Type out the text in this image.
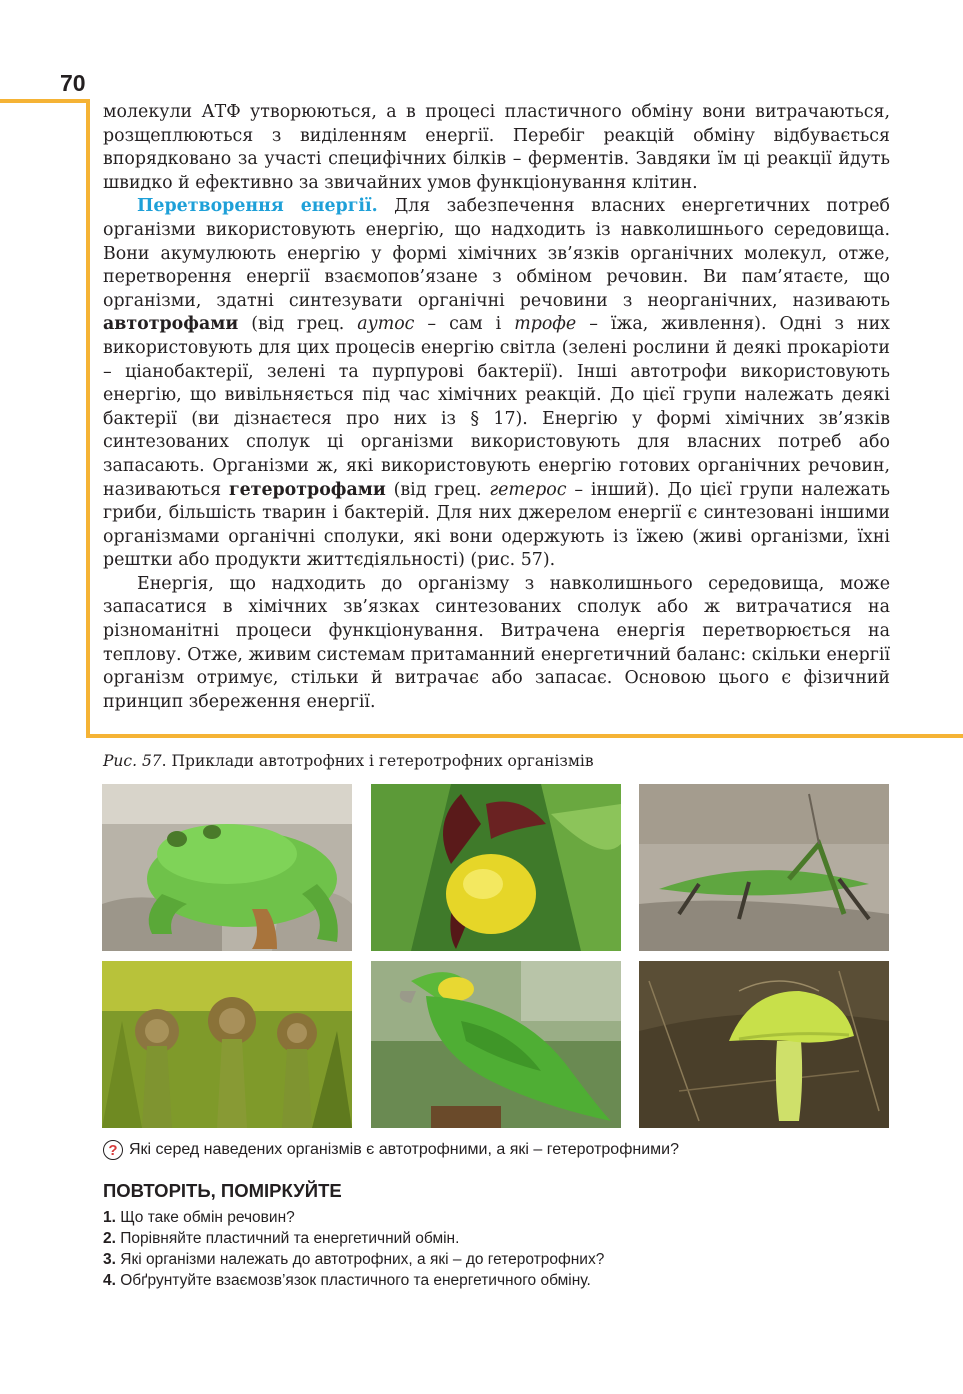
70

молекули АТФ утворюються, а в процесі пластичного обміну вони витрачаються, розщеплюються з виділенням енергії. Перебіг реакцій обміну відбувається впорядковано за участі специфічних білків – ферментів. Завдяки їм ці реакції йдуть швидко й ефективно за звичайних умов функціонування клітин.

Перетворення енергії. Для забезпечення власних енергетичних потреб організми використовують енергію, що надходить із навколишнього середовища. Вони акумулюють енергію у формі хімічних зв’язків органічних молекул, отже, перетворення енергії взаємопов’язане з обміном речовин. Ви пам’ятаєте, що організми, здатні синтезувати органічні речовини з неорганічних, називають автотрофами (від грец. аутос – сам і трофе – їжа, живлення). Одні з них використовують для цих процесів енергію світла (зелені рослини й деякі прокаріоти – ціанобактерії, зелені та пурпурові бактерії). Інші автотрофи використовують енергію, що вивільняється під час хімічних реакцій. До цієї групи належать деякі бактерії (ви дізнаєтеся про них із § 17). Енергію у формі хімічних зв’язків синтезованих сполук ці організми використовують для власних потреб або запасають. Організми ж, які використовують енергію готових органічних речовин, називаються гетеротрофами (від грец. гетерос – інший). До цієї групи належать гриби, більшість тварин і бактерій. Для них джерелом енергії є синтезовані іншими організмами органічні сполуки, які вони одержують із їжею (живі організми, їхні рештки або продукти життєдіяльності) (рис. 57).

Енергія, що надходить до організму з навколишнього середовища, може запасатися в хімічних зв’язках синтезованих сполук або ж витрачатися на різноманітні процеси функціонування. Витрачена енергія перетворюється на теплову. Отже, живим системам притаманний енергетичний баланс: скільки енергії організм отримує, стільки й витрачає або запасає. Основою цього є фізичний принцип збереження енергії.

Рис. 57. Приклади автотрофних і гетеротрофних організмів
? Які серед наведених організмів є автотрофними, а які – гетеротрофними?
ПОВТОРІТЬ, ПОМІРКУЙТЕ
1. Що таке обмін речовин?
2. Порівняйте пластичний та енергетичний обмін.
3. Які організми належать до автотрофних, а які – до гетеротрофних?
4. Обґрунтуйте взаємозв’язок пластичного та енергетичного обміну.
